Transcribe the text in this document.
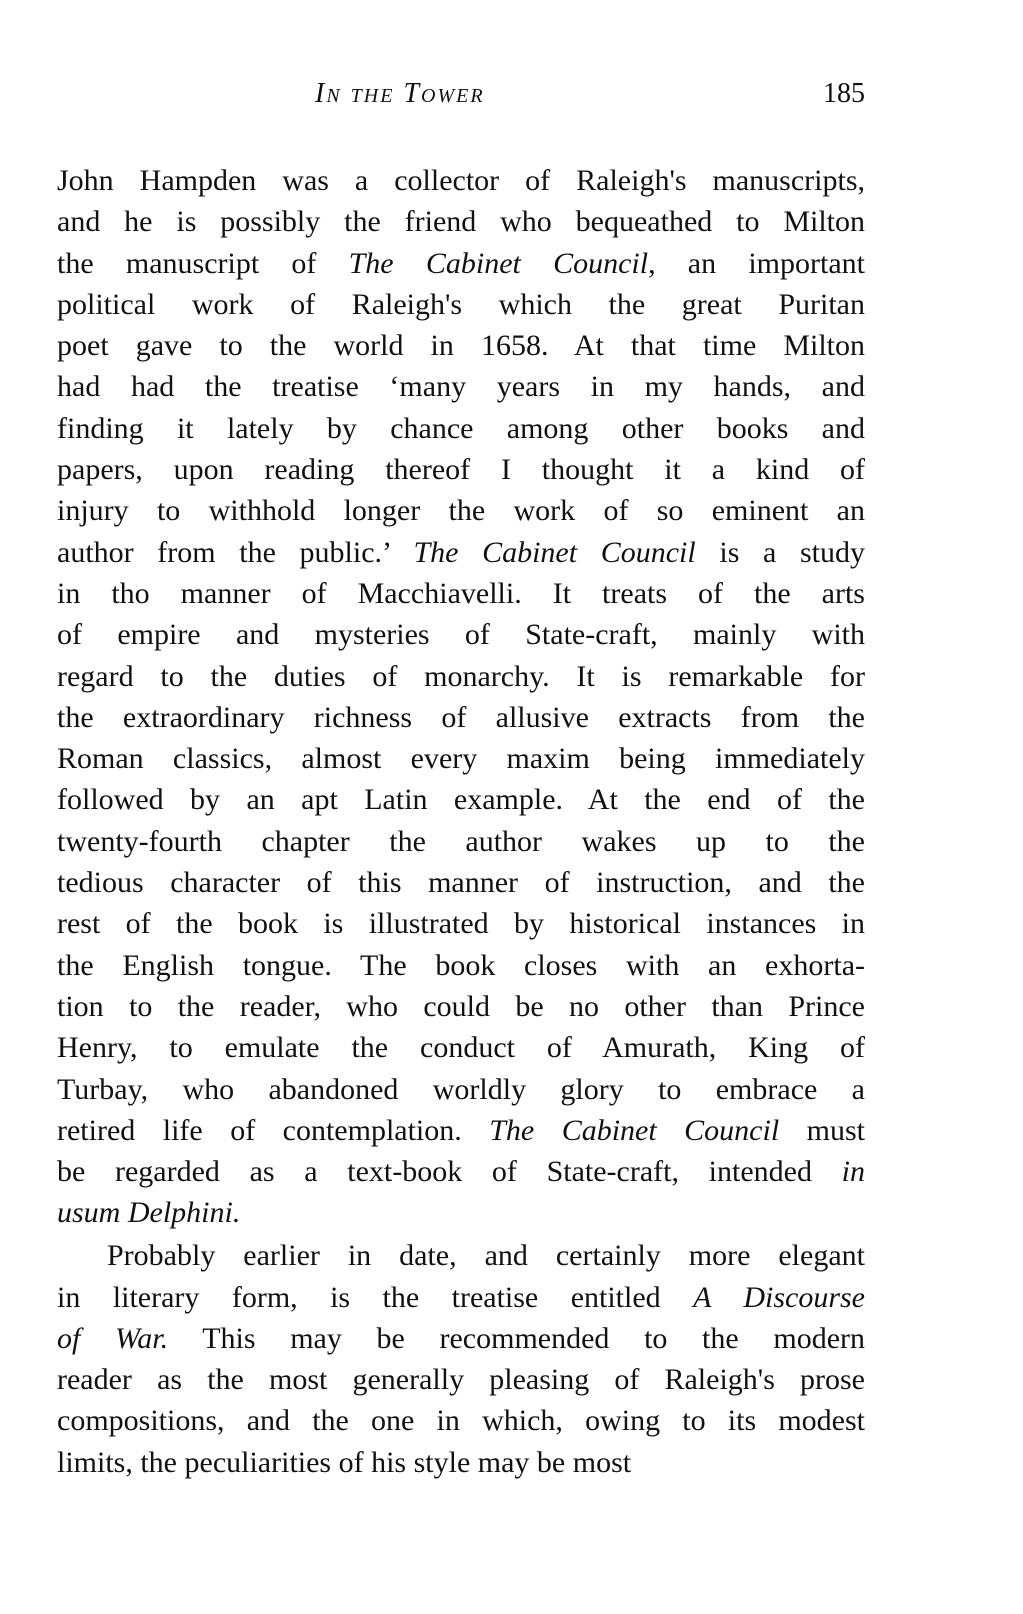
In the Tower	185
John Hampden was a collector of Raleigh's manuscripts,
and he is possibly the friend who bequeathed to Milton
the manuscript of The Cabinet Council, an important
political work of Raleigh's which the great Puritan
poet gave to the world in 1658. At that time Milton
had had the treatise ‘many years in my hands, and
finding it lately by chance among other books and
papers, upon reading thereof I thought it a kind of
injury to withhold longer the work of so eminent an
author from the public.’ The Cabinet Council is a study
in tho manner of Macchiavelli. It treats of the arts
of empire and mysteries of State-craft, mainly with
regard to the duties of monarchy. It is remarkable for
the extraordinary richness of allusive extracts from the
Roman classics, almost every maxim being immediately
followed by an apt Latin example. At the end of the
twenty-fourth chapter the author wakes up to the
tedious character of this manner of instruction, and the
rest of the book is illustrated by historical instances in
the English tongue. The book closes with an exhorta-
tion to the reader, who could be no other than Prince
Henry, to emulate the conduct of Amurath, King of
Turbay, who abandoned worldly glory to embrace a
retired life of contemplation. The Cabinet Council must
be regarded as a text-book of State-craft, intended in
usum Delphini.
Probably earlier in date, and certainly more elegant
in literary form, is the treatise entitled A Discourse
of War. This may be recommended to the modern
reader as the most generally pleasing of Raleigh's prose
compositions, and the one in which, owing to its modest
limits, the peculiarities of his style may be most
